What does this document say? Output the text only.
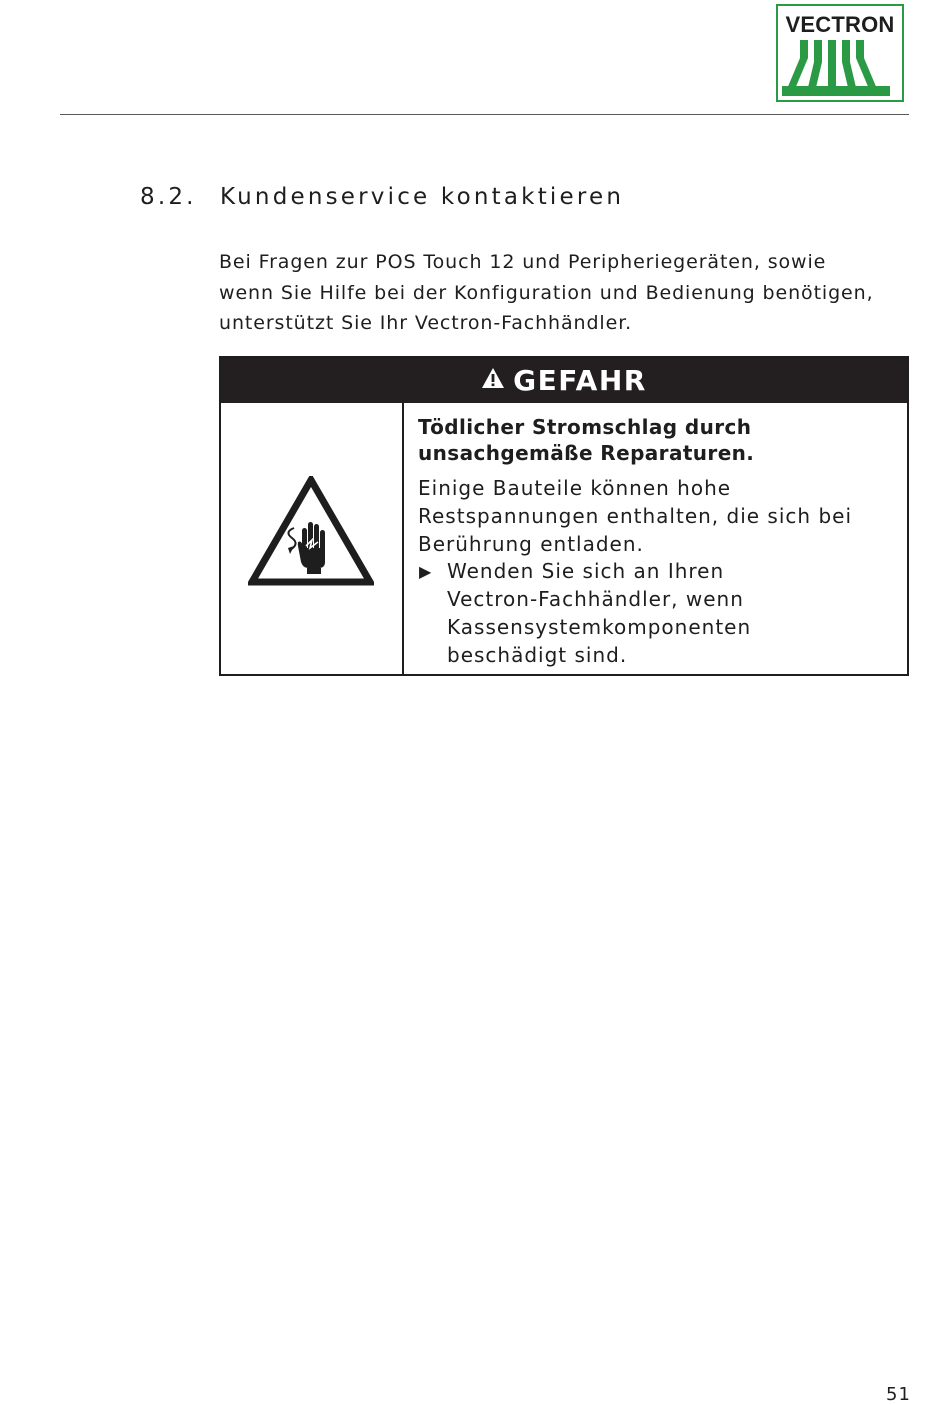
VECTRON
8.2. Kundenservice kontaktieren
Bei Fragen zur POS Touch 12 und Peripheriegeräten, sowie
wenn Sie Hilfe bei der Konfiguration und Bedienung benötigen,
unterstützt Sie Ihr Vectron-Fachhändler.
GEFAHR
Tödlicher Stromschlag durch
unsachgemäße Reparaturen.
Einige Bauteile können hohe
Restspannungen enthalten, die sich bei
Berührung entladen.
▶ Wenden Sie sich an Ihren
Vectron-Fachhändler, wenn
Kassensystemkomponenten
beschädigt sind.
51
